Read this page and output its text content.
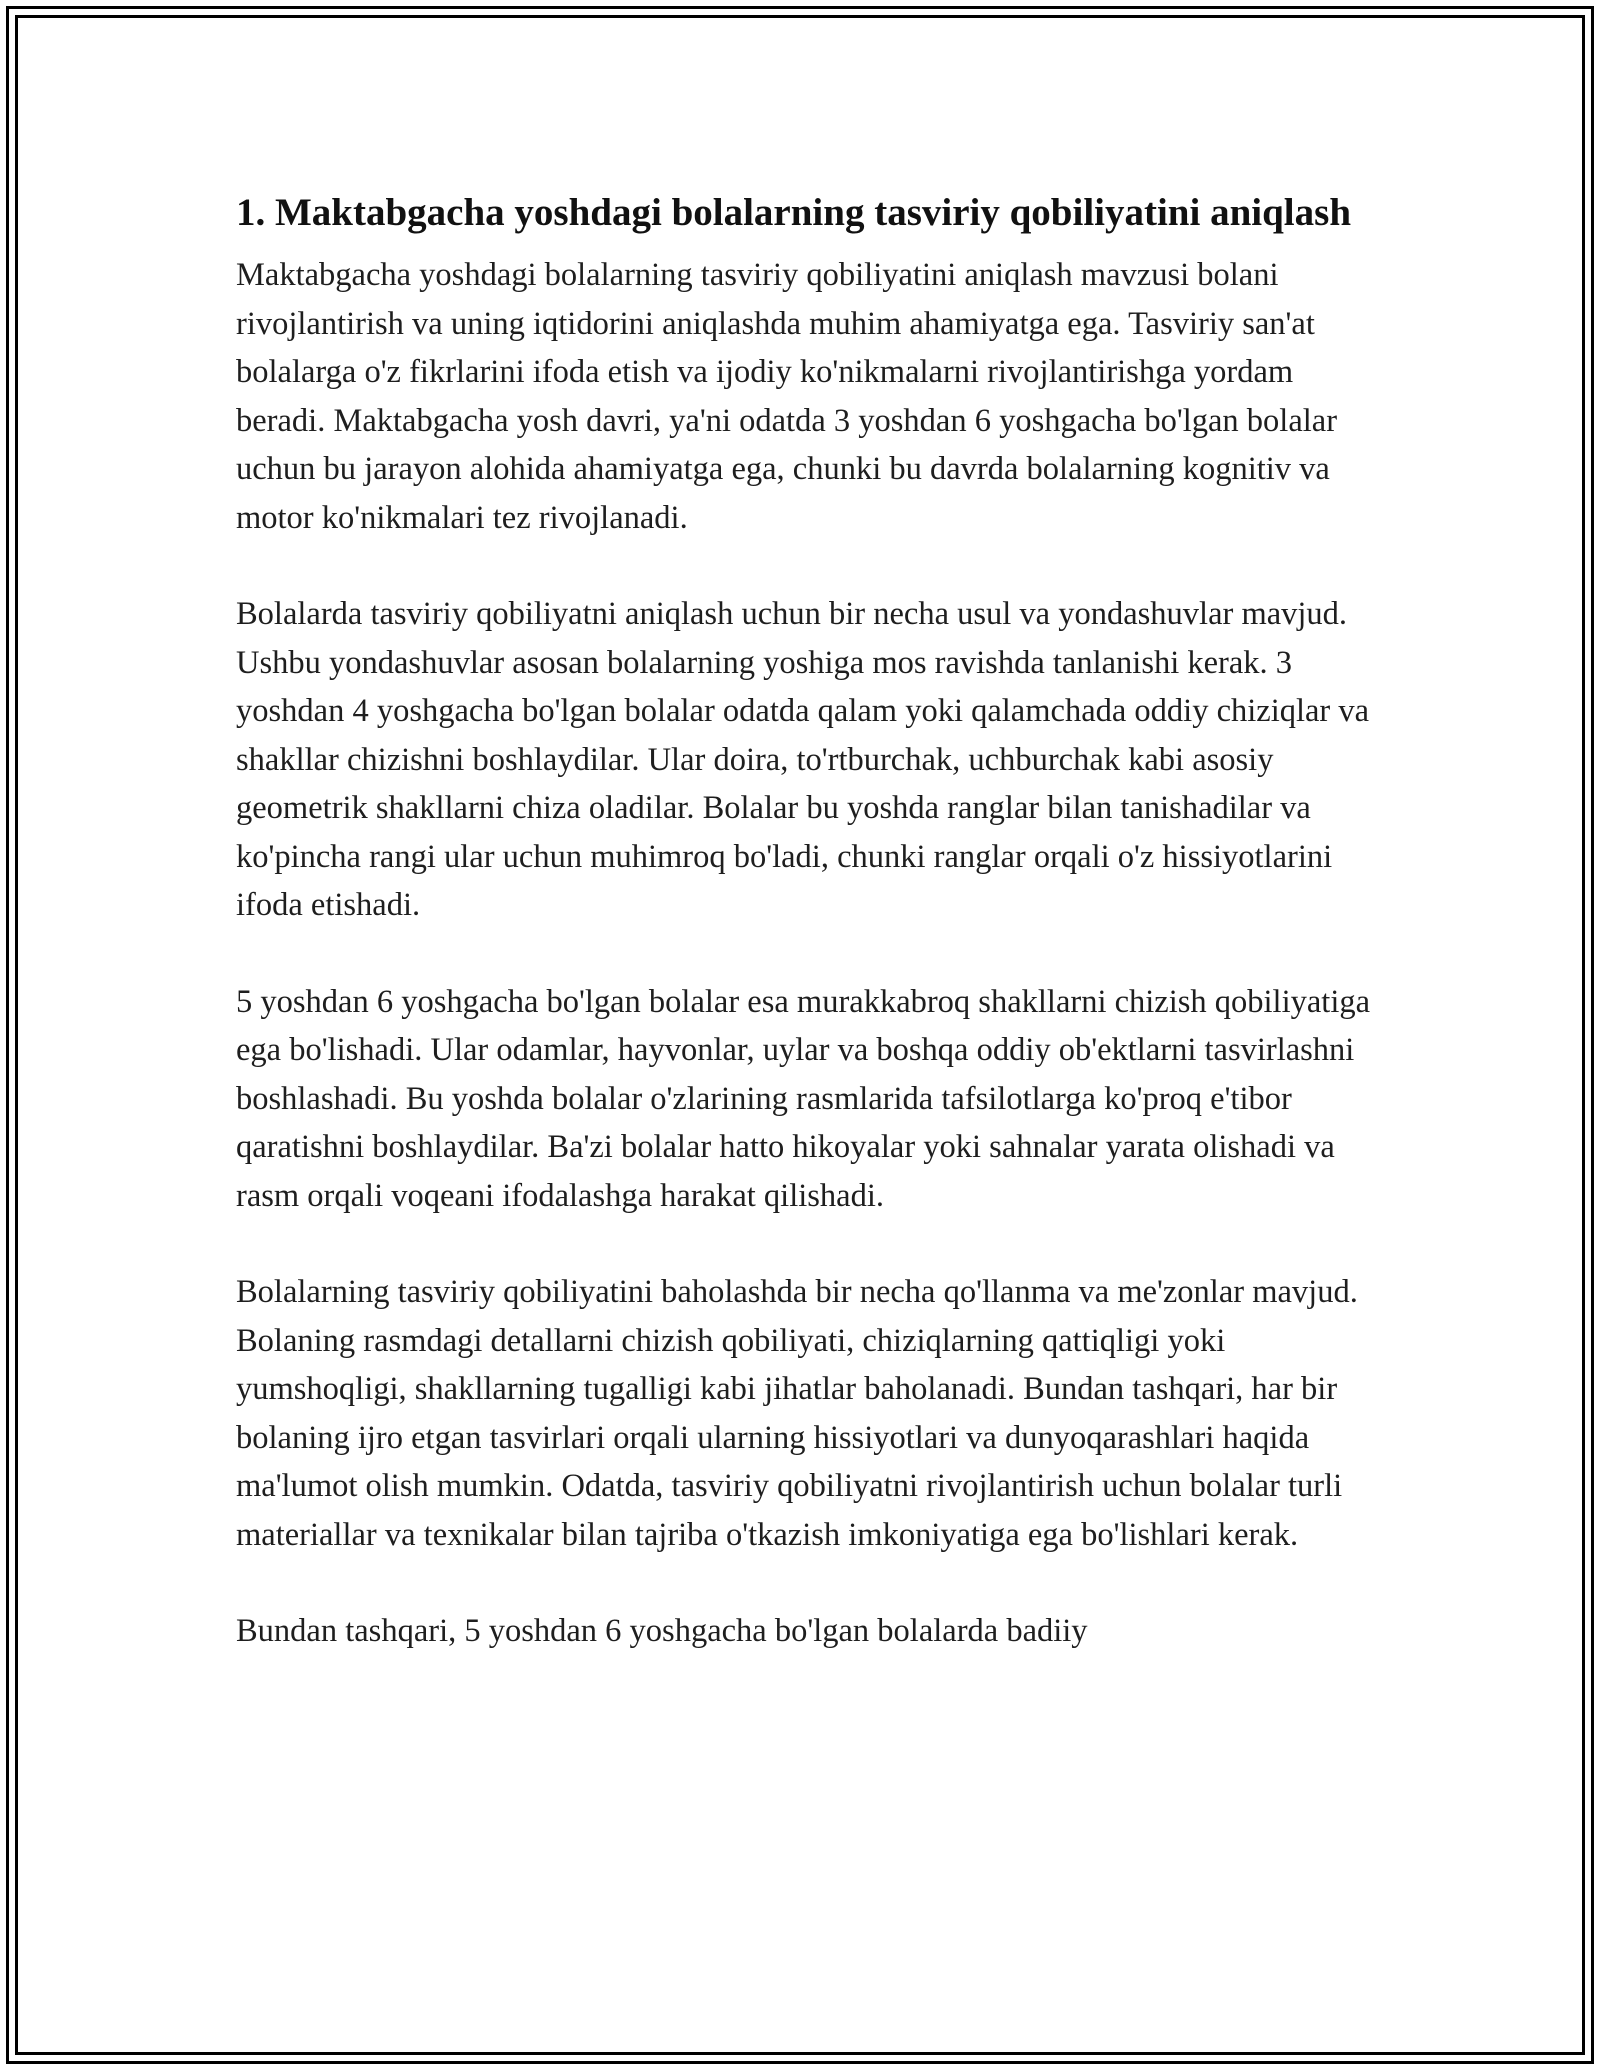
1. Maktabgacha yoshdagi bolalarning tasviriy qobiliyatini aniqlash

Maktabgacha yoshdagi bolalarning tasviriy qobiliyatini aniqlash mavzusi bolani rivojlantirish va uning iqtidorini aniqlashda muhim ahamiyatga ega. Tasviriy san'at bolalarga o'z fikrlarini ifoda etish va ijodiy ko'nikmalarni rivojlantirishga yordam beradi. Maktabgacha yosh davri, ya'ni odatda 3 yoshdan 6 yoshgacha bo'lgan bolalar uchun bu jarayon alohida ahamiyatga ega, chunki bu davrda bolalarning kognitiv va motor ko'nikmalari tez rivojlanadi.

Bolalarda tasviriy qobiliyatni aniqlash uchun bir necha usul va yondashuvlar mavjud. Ushbu yondashuvlar asosan bolalarning yoshiga mos ravishda tanlanishi kerak. 3 yoshdan 4 yoshgacha bo'lgan bolalar odatda qalam yoki qalamchada oddiy chiziqlar va shakllar chizishni boshlaydilar. Ular doira, to'rtburchak, uchburchak kabi asosiy geometrik shakllarni chiza oladilar. Bolalar bu yoshda ranglar bilan tanishadilar va ko'pincha rangi ular uchun muhimroq bo'ladi, chunki ranglar orqali o'z hissiyotlarini ifoda etishadi.

5 yoshdan 6 yoshgacha bo'lgan bolalar esa murakkabroq shakllarni chizish qobiliyatiga ega bo'lishadi. Ular odamlar, hayvonlar, uylar va boshqa oddiy ob'ektlarni tasvirlashni boshlashadi. Bu yoshda bolalar o'zlarining rasmlarida tafsilotlarga ko'proq e'tibor qaratishni boshlaydilar. Ba'zi bolalar hatto hikoyalar yoki sahnalar yarata olishadi va rasm orqali voqeani ifodalashga harakat qilishadi.

Bolalarning tasviriy qobiliyatini baholashda bir necha qo'llanma va me'zonlar mavjud. Bolaning rasmdagi detallarni chizish qobiliyati, chiziqlarning qattiqligi yoki yumshoqligi, shakllarning tugalligi kabi jihatlar baholanadi. Bundan tashqari, har bir bolaning ijro etgan tasvirlari orqali ularning hissiyotlari va dunyoqarashlari haqida ma'lumot olish mumkin. Odatda, tasviriy qobiliyatni rivojlantirish uchun bolalar turli materiallar va texnikalar bilan tajriba o'tkazish imkoniyatiga ega bo'lishlari kerak.

Bundan tashqari, 5 yoshdan 6 yoshgacha bo'lgan bolalarda badiiy
